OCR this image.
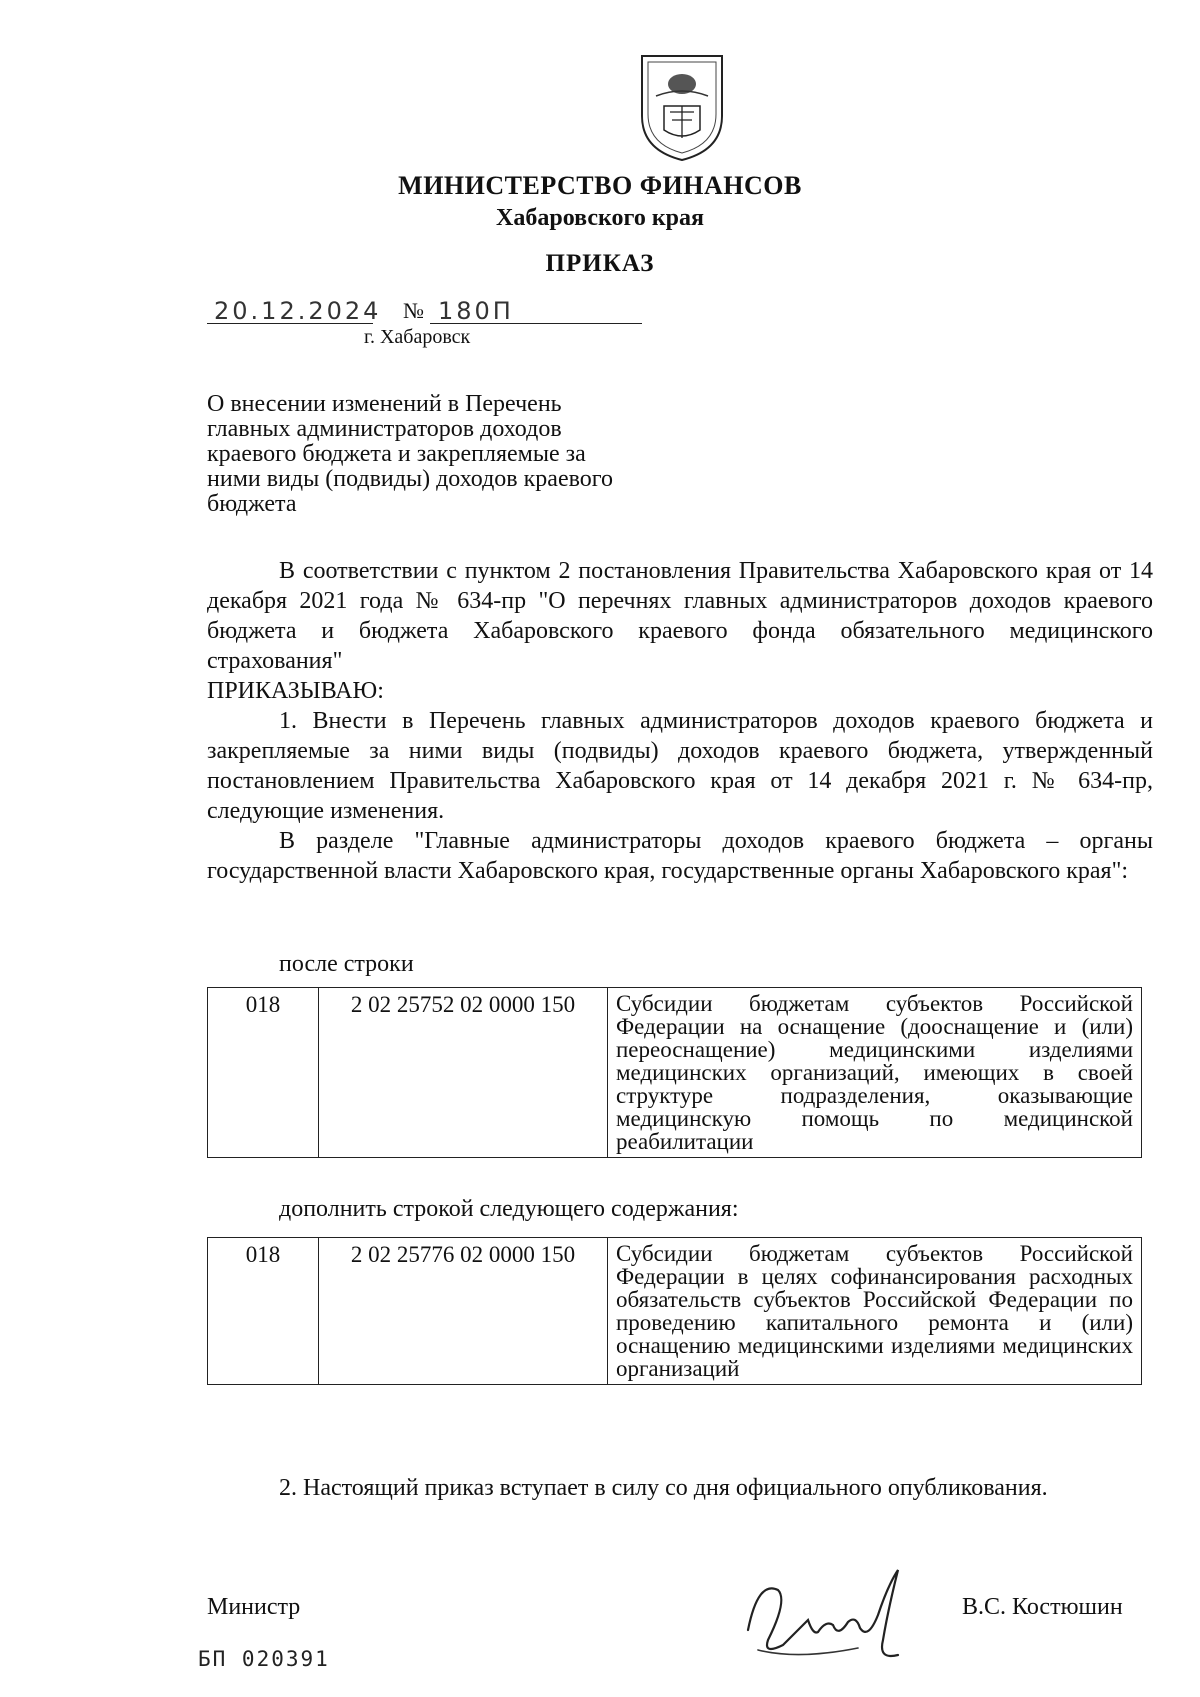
МИНИСТЕРСТВО ФИНАНСОВ
Хабаровского края
ПРИКАЗ
20.12.2024 № 180П
г. Хабаровск
О внесении изменений в Перечень главных администраторов доходов краевого бюджета и закрепляемые за ними виды (подвиды) доходов краевого бюджета

В соответствии с пунктом 2 постановления Правительства Хабаровского края от 14 декабря 2021 года № 634-пр "О перечнях главных администраторов доходов краевого бюджета и бюджета Хабаровского краевого фонда обязательного медицинского страхования"

ПРИКАЗЫВАЮ:

1. Внести в Перечень главных администраторов доходов краевого бюджета и закрепляемые за ними виды (подвиды) доходов краевого бюджета, утвержденный постановлением Правительства Хабаровского края от 14 декабря 2021 г. № 634-пр, следующие изменения.

В разделе "Главные администраторы доходов краевого бюджета – органы государственной власти Хабаровского края, государственные органы Хабаровского края":

после строки
018	2 02 25752 02 0000 150	Субсидии бюджетам субъектов Российской Федерации на оснащение (дооснащение и (или) переоснащение) медицинскими изделиями медицинских организаций, имеющих в своей структуре подразделения, оказывающие медицинскую помощь по медицинской реабилитации
дополнить строкой следующего содержания:
018	2 02 25776 02 0000 150	Субсидии бюджетам субъектов Российской Федерации в целях софинансирования расходных обязательств субъектов Российской Федерации по проведению капитального ремонта и (или) оснащению медицинскими изделиями медицинских организаций

2. Настоящий приказ вступает в силу со дня официального опубликования.

Министр	В.С. Костюшин
БП 020391
